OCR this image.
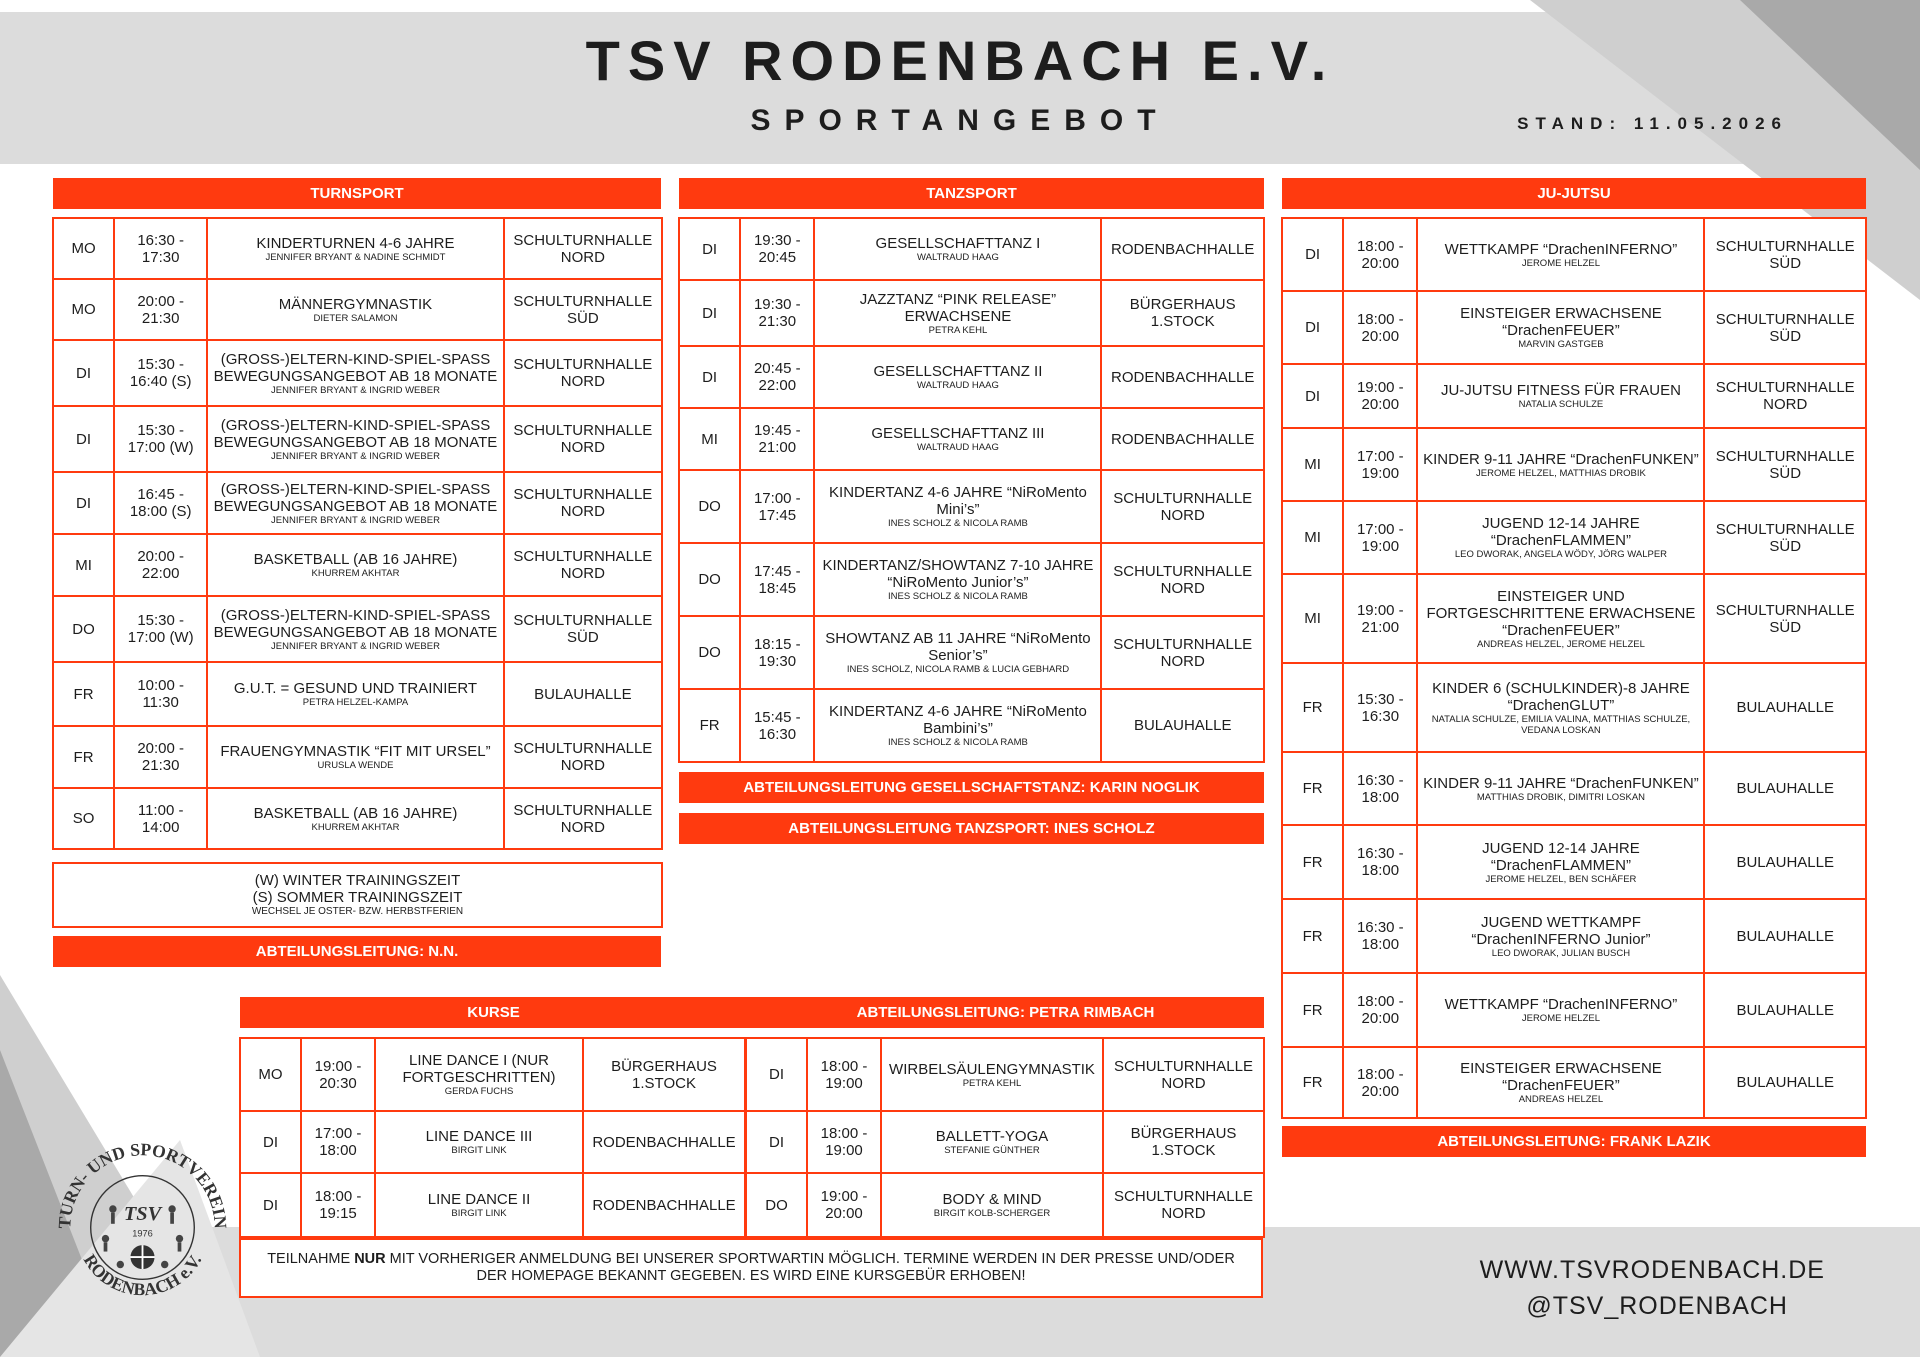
TSV RODENBACH E.V.
SPORTANGEBOT	STAND: 11.05.2026
TURNSPORT
MO	16:30 - 17:30	KINDERTURNEN 4-6 JAHRE
JENNIFER BRYANT & NADINE SCHMIDT	SCHULTURNHALLE NORD
MO	20:00 - 21:30	MÄNNERGYMNASTIK
DIETER SALAMON	SCHULTURNHALLE SÜD
DI	15:30 - 16:40 (S)	(GROSS-)ELTERN-KIND-SPIEL-SPASS BEWEGUNGSANGEBOT AB 18 MONATE
JENNIFER BRYANT & INGRID WEBER	SCHULTURNHALLE NORD
DI	15:30 - 17:00 (W)	(GROSS-)ELTERN-KIND-SPIEL-SPASS BEWEGUNGSANGEBOT AB 18 MONATE
JENNIFER BRYANT & INGRID WEBER	SCHULTURNHALLE NORD
DI	16:45 - 18:00 (S)	(GROSS-)ELTERN-KIND-SPIEL-SPASS BEWEGUNGSANGEBOT AB 18 MONATE
JENNIFER BRYANT & INGRID WEBER	SCHULTURNHALLE NORD
MI	20:00 - 22:00	BASKETBALL (AB 16 JAHRE)
KHURREM AKHTAR	SCHULTURNHALLE NORD
DO	15:30 - 17:00 (W)	(GROSS-)ELTERN-KIND-SPIEL-SPASS BEWEGUNGSANGEBOT AB 18 MONATE
JENNIFER BRYANT & INGRID WEBER	SCHULTURNHALLE SÜD
FR	10:00 - 11:30	G.U.T. = GESUND UND TRAINIERT
PETRA HELZEL-KAMPA	BULAUHALLE
FR	20:00 - 21:30	FRAUENGYMNASTIK “FIT MIT URSEL”
URUSLA WENDE	SCHULTURNHALLE NORD
SO	11:00 - 14:00	BASKETBALL (AB 16 JAHRE)
KHURREM AKHTAR	SCHULTURNHALLE NORD
(W) WINTER TRAININGSZEIT
(S) SOMMER TRAININGSZEIT
WECHSEL JE OSTER- BZW. HERBSTFERIEN
ABTEILUNGSLEITUNG: N.N.
TANZSPORT
DI	19:30 - 20:45	GESELLSCHAFTTANZ I
WALTRAUD HAAG	RODENBACHHALLE
DI	19:30 - 21:30	JAZZTANZ “PINK RELEASE” ERWACHSENE
PETRA KEHL	BÜRGERHAUS 1.STOCK
DI	20:45 - 22:00	GESELLSCHAFTTANZ II
WALTRAUD HAAG	RODENBACHHALLE
MI	19:45 - 21:00	GESELLSCHAFTTANZ III
WALTRAUD HAAG	RODENBACHHALLE
DO	17:00 - 17:45	KINDERTANZ 4-6 JAHRE “NiRoMento Mini’s”
INES SCHOLZ & NICOLA RAMB	SCHULTURNHALLE NORD
DO	17:45 - 18:45	KINDERTANZ/SHOWTANZ 7-10 JAHRE “NiRoMento Junior’s”
INES SCHOLZ & NICOLA RAMB	SCHULTURNHALLE NORD
DO	18:15 - 19:30	SHOWTANZ AB 11 JAHRE “NiRoMento Senior’s”
INES SCHOLZ, NICOLA RAMB & LUCIA GEBHARD	SCHULTURNHALLE NORD
FR	15:45 - 16:30	KINDERTANZ 4-6 JAHRE “NiRoMento Bambini’s”
INES SCHOLZ & NICOLA RAMB	BULAUHALLE
ABTEILUNGSLEITUNG GESELLSCHAFTSTANZ: KARIN NOGLIK
ABTEILUNGSLEITUNG TANZSPORT: INES SCHOLZ
JU-JUTSU
DI	18:00 - 20:00	WETTKAMPF “DrachenINFERNO”
JEROME HELZEL	SCHULTURNHALLE SÜD
DI	18:00 - 20:00	EINSTEIGER ERWACHSENE “DrachenFEUER”
MARVIN GASTGEB	SCHULTURNHALLE SÜD
DI	19:00 - 20:00	JU-JUTSU FITNESS FÜR FRAUEN
NATALIA SCHULZE	SCHULTURNHALLE NORD
MI	17:00 - 19:00	KINDER 9-11 JAHRE “DrachenFUNKEN”
JEROME HELZEL, MATTHIAS DROBIK	SCHULTURNHALLE SÜD
MI	17:00 - 19:00	JUGEND 12-14 JAHRE “DrachenFLAMMEN”
LEO DWORAK, ANGELA WÖDY, JÖRG WALPER	SCHULTURNHALLE SÜD
MI	19:00 - 21:00	EINSTEIGER UND FORTGESCHRITTENE ERWACHSENE “DrachenFEUER”
ANDREAS HELZEL, JEROME HELZEL	SCHULTURNHALLE SÜD
FR	15:30 - 16:30	KINDER 6 (SCHULKINDER)-8 JAHRE “DrachenGLUT”
NATALIA SCHULZE, EMILIA VALINA, MATTHIAS SCHULZE, VEDANA LOSKAN	BULAUHALLE
FR	16:30 - 18:00	KINDER 9-11 JAHRE “DrachenFUNKEN”
MATTHIAS DROBIK, DIMITRI LOSKAN	BULAUHALLE
FR	16:30 - 18:00	JUGEND 12-14 JAHRE “DrachenFLAMMEN”
JEROME HELZEL, BEN SCHÄFER	BULAUHALLE
FR	16:30 - 18:00	JUGEND WETTKAMPF “DrachenINFERNO Junior”
LEO DWORAK, JULIAN BUSCH	BULAUHALLE
FR	18:00 - 20:00	WETTKAMPF “DrachenINFERNO”
JEROME HELZEL	BULAUHALLE
FR	18:00 - 20:00	EINSTEIGER ERWACHSENE “DrachenFEUER”
ANDREAS HELZEL	BULAUHALLE
ABTEILUNGSLEITUNG: FRANK LAZIK
KURSE	ABTEILUNGSLEITUNG: PETRA RIMBACH
MO	19:00 - 20:30	LINE DANCE I (NUR FORTGESCHRITTEN)
GERDA FUCHS	BÜRGERHAUS 1.STOCK
DI	17:00 - 18:00	LINE DANCE III
BIRGIT LINK	RODENBACHHALLE
DI	18:00 - 19:15	LINE DANCE II
BIRGIT LINK	RODENBACHHALLE
DI	18:00 - 19:00	WIRBELSÄULENGYMNASTIK
PETRA KEHL	SCHULTURNHALLE NORD
DI	18:00 - 19:00	BALLETT-YOGA
STEFANIE GÜNTHER	BÜRGERHAUS 1.STOCK
DO	19:00 - 20:00	BODY & MIND
BIRGIT KOLB-SCHERGER	SCHULTURNHALLE NORD
TEILNAHME NUR MIT VORHERIGER ANMELDUNG BEI UNSERER SPORTWARTIN MÖGLICH. TERMINE WERDEN IN DER PRESSE UND/ODER DER HOMEPAGE BEKANNT GEGEBEN. ES WIRD EINE KURSGEBÜR ERHOBEN!	WWW.TSVRODENBACH.DE
@TSV_RODENBACH
TURN- UND SPORTVEREIN
RODENBACH e.V.
TSV
1976
